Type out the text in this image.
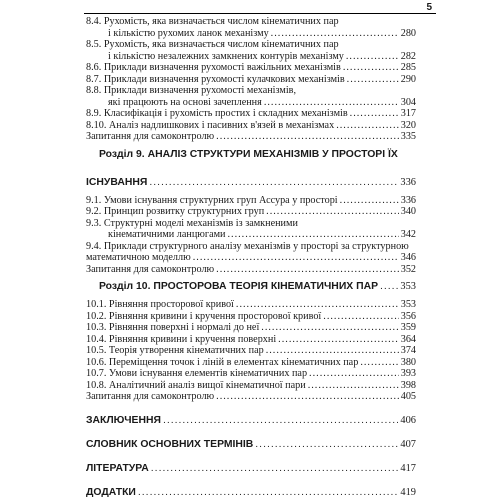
5
8.4. Рухомість, яка визначається числом кінематичних пар
і кількістю рухомих ланок механізму .....	280
8.5. Рухомість, яка визначається числом кінематичних пар
і кількістю незалежних замкнених контурів механізму .....	282
8.6. Приклади визначення рухомості важільних механізмів .....	285
8.7. Приклади визначення рухомості кулачкових механізмів .....	290
8.8. Приклади визначення рухомості механізмів,
які працюють на основі зачеплення .....	304
8.9. Класифікація і рухомість простих і складних механізмів .....	317
8.10. Аналіз надлишкових і пасивних в'язей в механізмах .....	320
Запитання для самоконтролю .....	335
Розділ 9. АНАЛІЗ СТРУКТУРИ МЕХАНІЗМІВ У ПРОСТОРІ ЇХ
ІСНУВАННЯ .....	336
9.1. Умови існування структурних груп Ассура у просторі .....	336
9.2. Принцип розвитку структурних груп .....	340
9.3. Структурні моделі механізмів із замкненими
кінематичними ланцюгами .....	342
9.4. Приклади структурного аналізу механізмів у просторі за структурною
математичною моделлю .....	346
Запитання для самоконтролю .....	352
Розділ 10. ПРОСТОРОВА ТЕОРІЯ КІНЕМАТИЧНИХ ПАР ..... 353
10.1. Рівняння просторової кривої .....	353
10.2. Рівняння кривини і кручення просторової кривої .....	356
10.3. Рівняння поверхні і нормалі до неї .....	359
10.4. Рівняння кривини і кручення поверхні .....	364
10.5. Теорія утворення кінематичних пар .....	374
10.6. Переміщення точок і ліній в елементах кінематичних пар .....	380
10.7. Умови існування елементів кінематичних пар .....	393
10.8. Аналітичний аналіз вищої кінематичної пари .....	398
Запитання для самоконтролю .....	405
ЗАКЛЮЧЕННЯ .....	406
СЛОВНИК ОСНОВНИХ ТЕРМІНІВ .....	407
ЛІТЕРАТУРА .....	417
ДОДАТКИ .....	419
